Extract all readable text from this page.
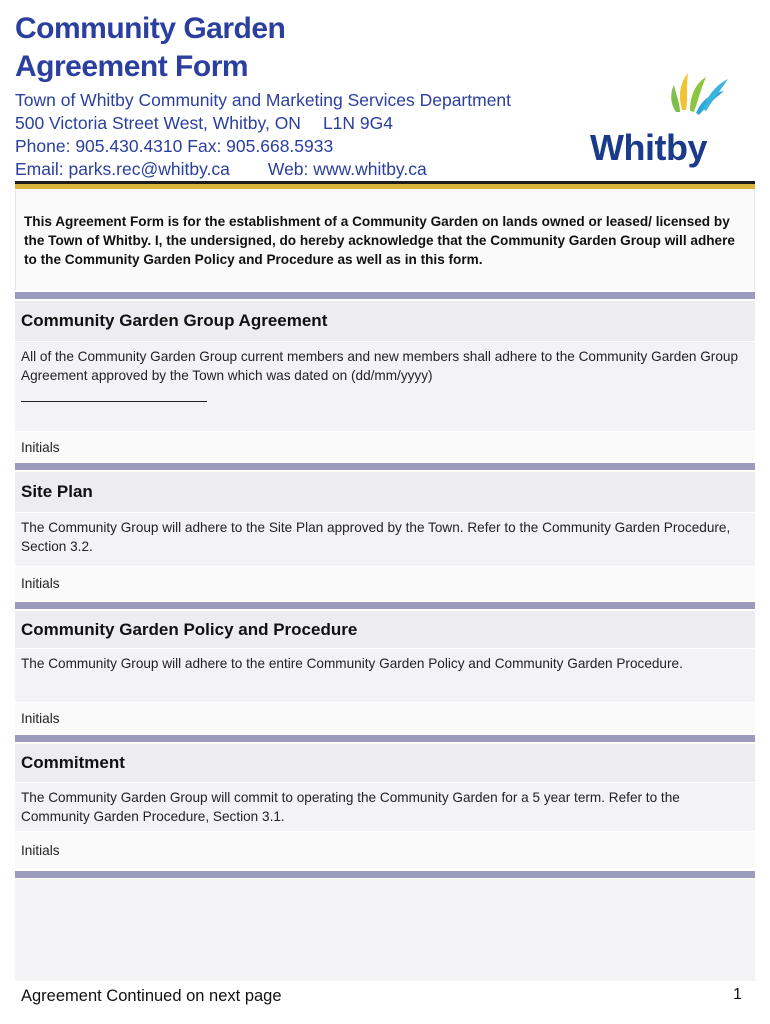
Community Garden
Agreement Form
Town of Whitby Community and Marketing Services Department
500 Victoria Street West, Whitby, ON L1N 9G4
Phone: 905.430.4310 Fax: 905.668.5933
Email: parks.rec@whitby.ca Web: www.whitby.ca
Whitby

This Agreement Form is for the establishment of a Community Garden on lands owned or leased/ licensed by the Town of Whitby. I, the undersigned, do hereby acknowledge that the Community Garden Group will adhere to the Community Garden Policy and Procedure as well as in this form.

Community Garden Group Agreement
All of the Community Garden Group current members and new members shall adhere to the Community Garden Group Agreement approved by the Town which was dated on (dd/mm/yyyy)
Initials
Site Plan
The Community Group will adhere to the Site Plan approved by the Town. Refer to the Community Garden Procedure, Section 3.2.
Initials
Community Garden Policy and Procedure
The Community Group will adhere to the entire Community Garden Policy and Community Garden Procedure.
Initials
Commitment
The Community Garden Group will commit to operating the Community Garden for a 5 year term. Refer to the Community Garden Procedure, Section 3.1.
Initials
Agreement Continued on next page	1
